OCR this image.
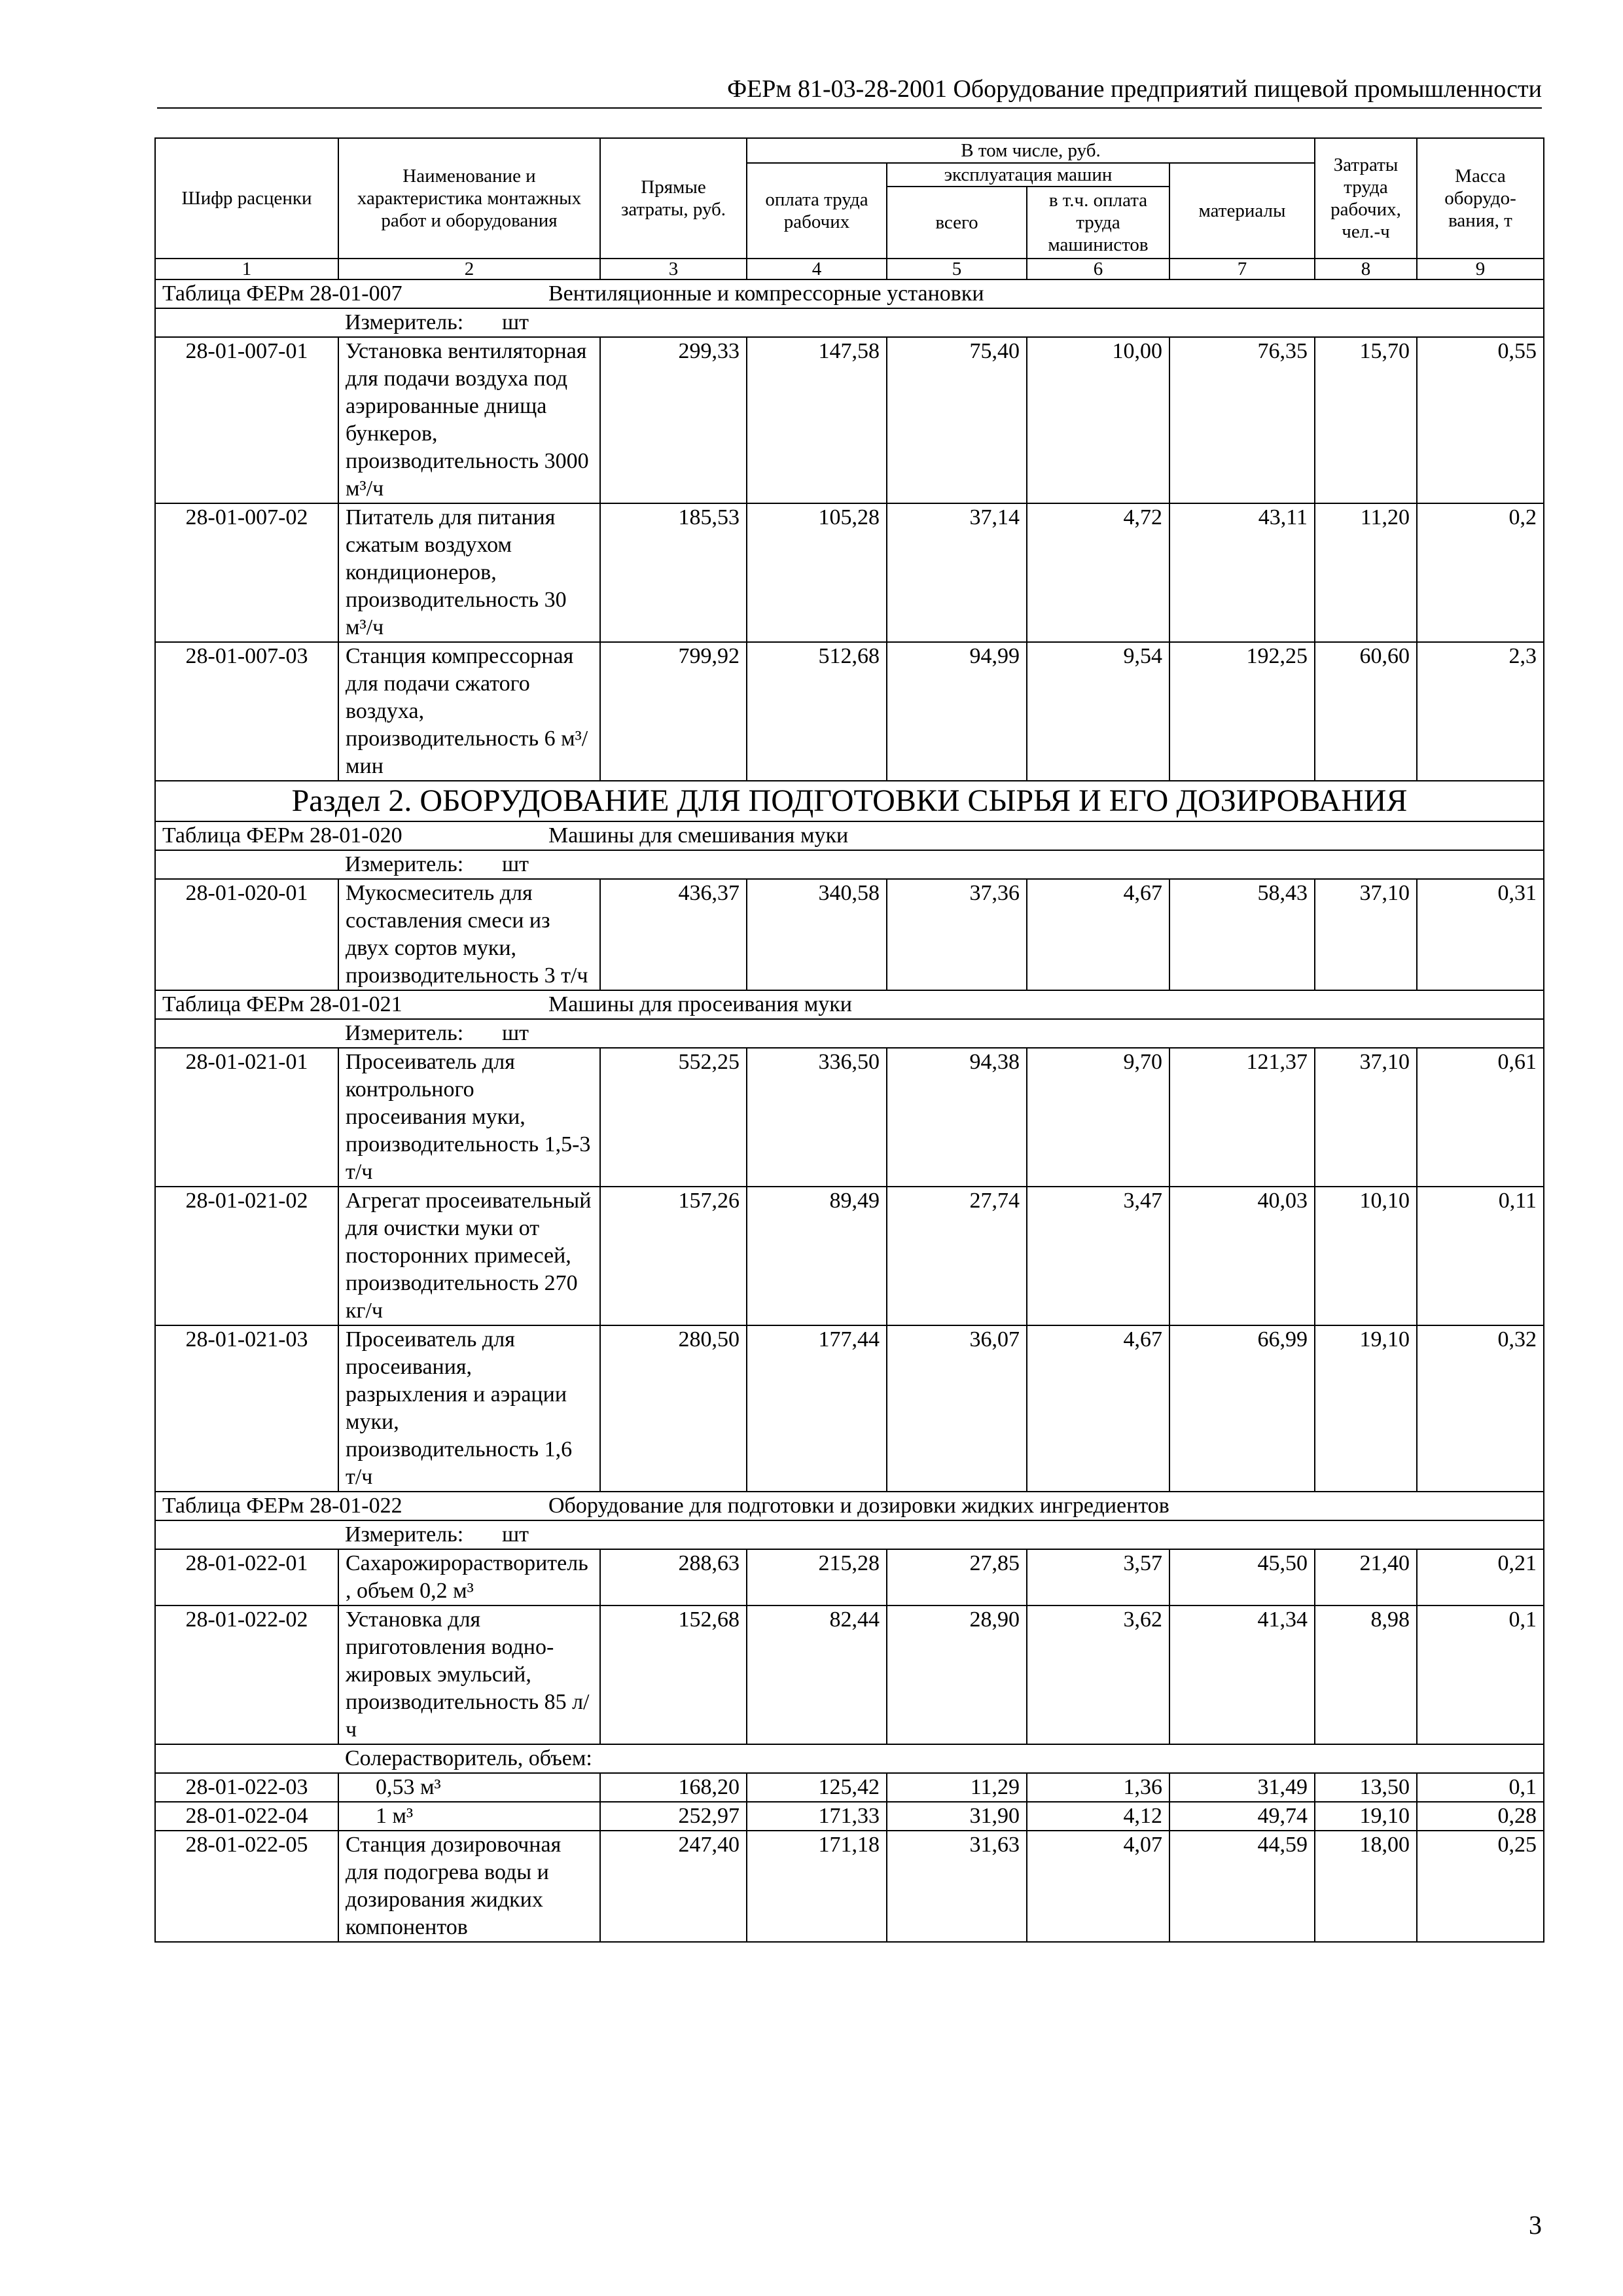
ФЕРм 81-03-28-2001 Оборудование предприятий пищевой промышленности
Шифр расценки	Наименование и характеристика монтажных работ и оборудования	Прямые затраты, руб.	В том числе, руб.				Затраты труда рабочих, чел.-ч	Масса оборудо-вания, т
			оплата труда рабочих	эксплуатация машин		материалы		
				всего	в т.ч. оплата труда машинистов			
1	2	3	4	5	6	7	8	9
Таблица ФЕРм 28-01-007 Вентиляционные и компрессорные установки								
	Измеритель: шт							
28-01-007-01	Установка вентиляторная для подачи воздуха под аэрированные днища бункеров, производительность 3000 м³/ч	299,33	147,58	75,40	10,00	76,35	15,70	0,55
28-01-007-02	Питатель для питания сжатым воздухом кондиционеров, производительность 30 м³/ч	185,53	105,28	37,14	4,72	43,11	11,20	0,2
28-01-007-03	Станция компрессорная для подачи сжатого воздуха, производительность 6 м³/мин	799,92	512,68	94,99	9,54	192,25	60,60	2,3
Раздел 2. ОБОРУДОВАНИЕ ДЛЯ ПОДГОТОВКИ СЫРЬЯ И ЕГО ДОЗИРОВАНИЯ								
Таблица ФЕРм 28-01-020 Машины для смешивания муки								
	Измеритель: шт							
28-01-020-01	Мукосмеситель для составления смеси из двух сортов муки, производительность 3 т/ч	436,37	340,58	37,36	4,67	58,43	37,10	0,31
Таблица ФЕРм 28-01-021 Машины для просеивания муки								
	Измеритель: шт							
28-01-021-01	Просеиватель для контрольного просеивания муки, производительность 1,5-3 т/ч	552,25	336,50	94,38	9,70	121,37	37,10	0,61
28-01-021-02	Агрегат просеивательный для очистки муки от посторонних примесей, производительность 270 кг/ч	157,26	89,49	27,74	3,47	40,03	10,10	0,11
28-01-021-03	Просеиватель для просеивания, разрыхления и аэрации муки, производительность 1,6 т/ч	280,50	177,44	36,07	4,67	66,99	19,10	0,32
Таблица ФЕРм 28-01-022 Оборудование для подготовки и дозировки жидких ингредиентов								
	Измеритель: шт							
28-01-022-01	Сахарожирорастворитель, объем 0,2 м³	288,63	215,28	27,85	3,57	45,50	21,40	0,21
28-01-022-02	Установка для приготовления водно-жировых эмульсий, производительность 85 л/ч	152,68	82,44	28,90	3,62	41,34	8,98	0,1
	Солерастворитель, объем:							
28-01-022-03	0,53 м³	168,20	125,42	11,29	1,36	31,49	13,50	0,1
28-01-022-04	1 м³	252,97	171,33	31,90	4,12	49,74	19,10	0,28
28-01-022-05	Станция дозировочная для подогрева воды и дозирования жидких компонентов	247,40	171,18	31,63	4,07	44,59	18,00	0,25
3
